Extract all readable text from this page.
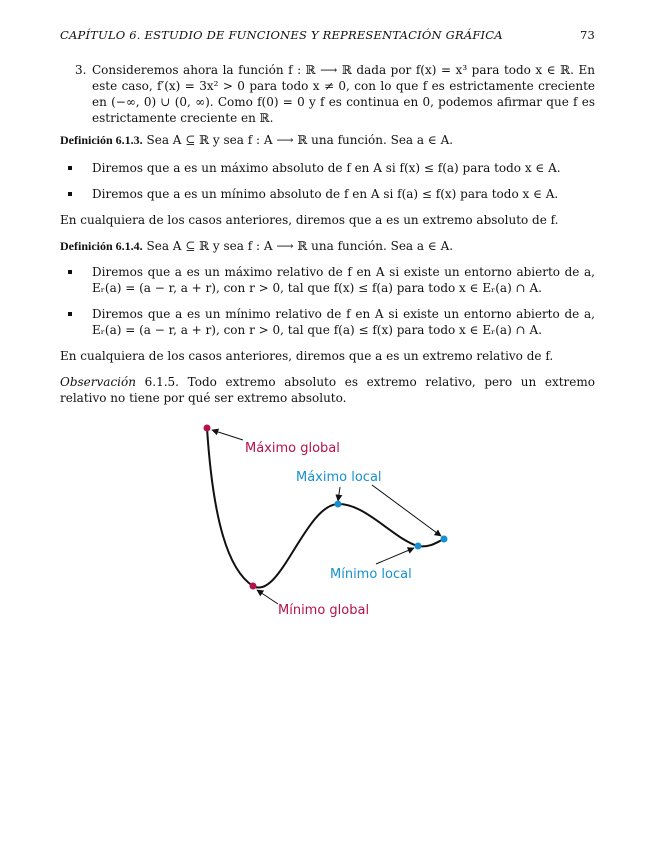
CAPÍTULO 6. ESTUDIO DE FUNCIONES Y REPRESENTACIÓN GRÁFICA	73
3. Consideremos ahora la función f : ℝ ⟶ ℝ dada por f(x) = x³ para todo x ∈ ℝ. En este caso, f′(x) = 3x² > 0 para todo x ≠ 0, con lo que f es estrictamente creciente en (−∞, 0) ∪ (0, ∞). Como f(0) = 0 y f es continua en 0, podemos afirmar que f es estrictamente creciente en ℝ.
Definición 6.1.3. Sea A ⊆ ℝ y sea f : A ⟶ ℝ una función. Sea a ∈ A.
Diremos que a es un máximo absoluto de f en A si f(x) ≤ f(a) para todo x ∈ A.
Diremos que a es un mínimo absoluto de f en A si f(a) ≤ f(x) para todo x ∈ A.
En cualquiera de los casos anteriores, diremos que a es un extremo absoluto de f.
Definición 6.1.4. Sea A ⊆ ℝ y sea f : A ⟶ ℝ una función. Sea a ∈ A.
Diremos que a es un máximo relativo de f en A si existe un entorno abierto de a, Eᵣ(a) = (a − r, a + r), con r > 0, tal que f(x) ≤ f(a) para todo x ∈ Eᵣ(a) ∩ A.
Diremos que a es un mínimo relativo de f en A si existe un entorno abierto de a, Eᵣ(a) = (a − r, a + r), con r > 0, tal que f(a) ≤ f(x) para todo x ∈ Eᵣ(a) ∩ A.
En cualquiera de los casos anteriores, diremos que a es un extremo relativo de f.
Observación 6.1.5. Todo extremo absoluto es extremo relativo, pero un extremo relativo no tiene por qué ser extremo absoluto.
Máximo global
Máximo local
Mínimo local
Mínimo global
